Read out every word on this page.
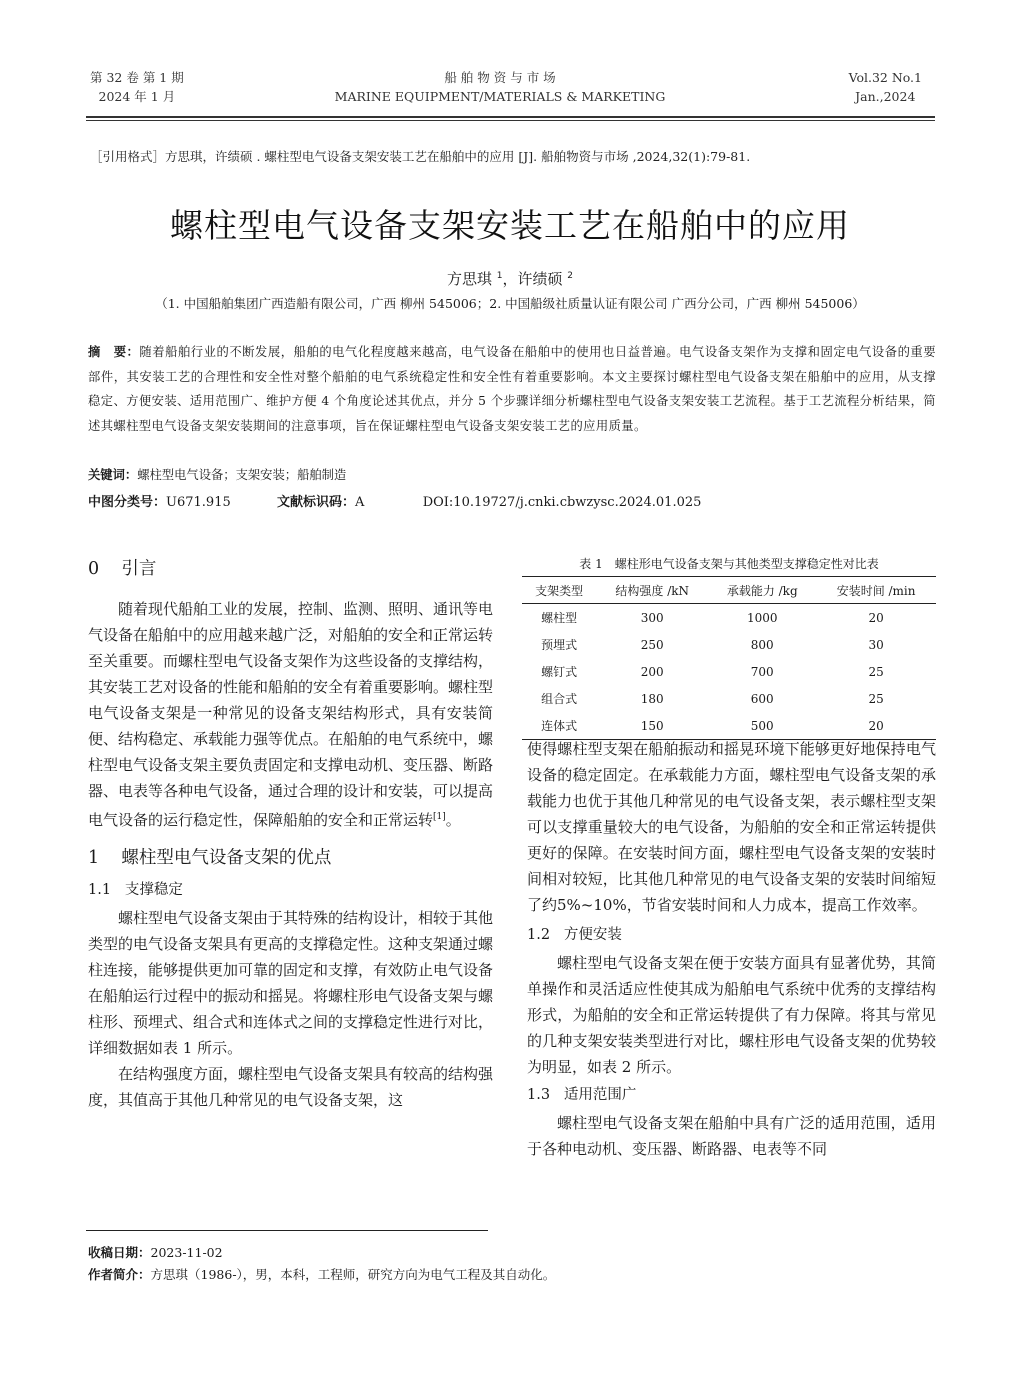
第 32 卷 第 1 期
2024 年 1 月
船 舶 物 资 与 市 场
MARINE EQUIPMENT/MATERIALS & MARKETING
Vol.32 No.1
Jan.,2024
［引用格式］方思琪，许绩硕 . 螺柱型电气设备支架安装工艺在船舶中的应用 [J]. 船舶物资与市场 ,2024,32(1):79-81.
螺柱型电气设备支架安装工艺在船舶中的应用
方思琪 $^1$，许绩硕 $^2$
（1. 中国船舶集团广西造船有限公司，广西 柳州 545006；2. 中国船级社质量认证有限公司 广西分公司，广西 柳州 545006）
摘　要：随着船舶行业的不断发展，船舶的电气化程度越来越高，电气设备在船舶中的使用也日益普遍。电气设备支架作为支撑和固定电气设备的重要部件，其安装工艺的合理性和安全性对整个船舶的电气系统稳定性和安全性有着重要影响。本文主要探讨螺柱型电气设备支架在船舶中的应用，从支撑稳定、方便安装、适用范围广、维护方便 4 个角度论述其优点，并分 5 个步骤详细分析螺柱型电气设备支架安装工艺流程。基于工艺流程分析结果，简述其螺柱型电气设备支架安装期间的注意事项，旨在保证螺柱型电气设备支架安装工艺的应用质量。
关键词：螺柱型电气设备；支架安装；船舶制造
中图分类号：U671.915	文献标识码：A	DOI:10.19727/j.cnki.cbwzysc.2024.01.025
0 引言

随着现代船舶工业的发展，控制、监测、照明、通讯等电气设备在船舶中的应用越来越广泛，对船舶的安全和正常运转至关重要。而螺柱型电气设备支架作为这些设备的支撑结构，其安装工艺对设备的性能和船舶的安全有着重要影响。螺柱型电气设备支架是一种常见的设备支架结构形式，具有安装简便、结构稳定、承载能力强等优点。在船舶的电气系统中，螺柱型电气设备支架主要负责固定和支撑电动机、变压器、断路器、电表等各种电气设备，通过合理的设计和安装，可以提高电气设备的运行稳定性，保障船舶的安全和正常运转[1]。

1 螺柱型电气设备支架的优点
1.1 支撑稳定

螺柱型电气设备支架由于其特殊的结构设计，相较于其他类型的电气设备支架具有更高的支撑稳定性。这种支架通过螺柱连接，能够提供更加可靠的固定和支撑，有效防止电气设备在船舶运行过程中的振动和摇晃。将螺柱形电气设备支架与螺柱形、预埋式、组合式和连体式之间的支撑稳定性进行对比，详细数据如表 1 所示。

在结构强度方面，螺柱型电气设备支架具有较高的结构强度，其值高于其他几种常见的电气设备支架，这

表 1　螺柱形电气设备支架与其他类型支撑稳定性对比表
支架类型	结构强度 /kN	承载能力 /kg	安装时间 /min
螺柱型	300	1000	20
预埋式	250	800	30
螺钉式	200	700	25
组合式	180	600	25
连体式	150	500	20

使得螺柱型支架在船舶振动和摇晃环境下能够更好地保持电气设备的稳定固定。在承载能力方面，螺柱型电气设备支架的承载能力也优于其他几种常见的电气设备支架，表示螺柱型支架可以支撑重量较大的电气设备，为船舶的安全和正常运转提供更好的保障。在安装时间方面，螺柱型电气设备支架的安装时间相对较短，比其他几种常见的电气设备支架的安装时间缩短了约5%~10%，节省安装时间和人力成本，提高工作效率。

1.2 方便安装

螺柱型电气设备支架在便于安装方面具有显著优势，其简单操作和灵活适应性使其成为船舶电气系统中优秀的支撑结构形式，为船舶的安全和正常运转提供了有力保障。将其与常见的几种支架安装类型进行对比，螺柱形电气设备支架的优势较为明显，如表 2 所示。

1.3 适用范围广

螺柱型电气设备支架在船舶中具有广泛的适用范围，适用于各种电动机、变压器、断路器、电表等不同

收稿日期：2023-11-02
作者简介：方思琪（1986-），男，本科，工程师，研究方向为电气工程及其自动化。
